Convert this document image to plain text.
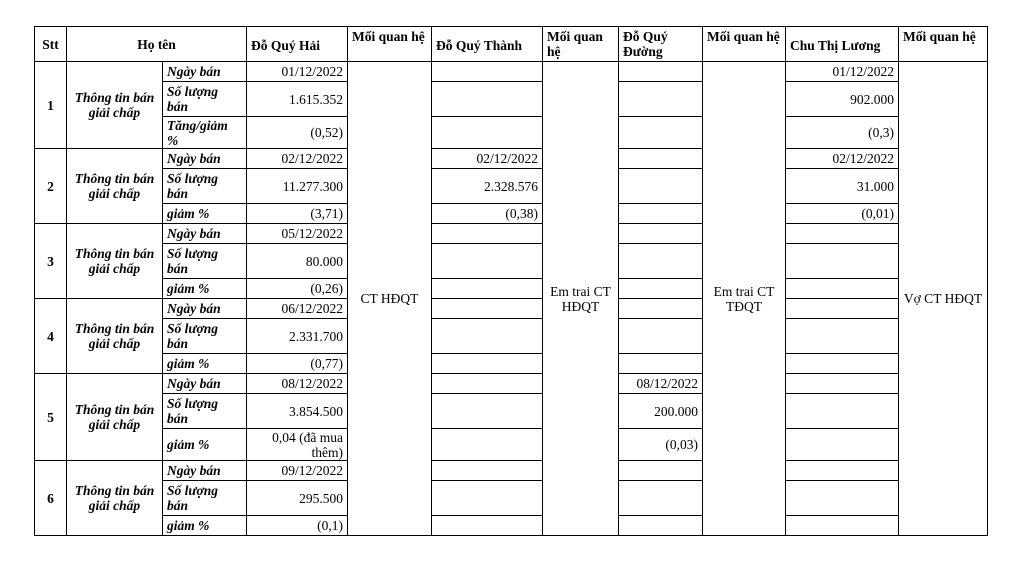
Stt	Họ tên		Đỗ Quý Hải	Mối quan hệ	Đỗ Quý Thành	Mối quan hệ	Đỗ Quý Đường	Mối quan hệ	Chu Thị Lương	Mối quan hệ
1	Thông tin bán giải chấp	Ngày bán	01/12/2022	CT HĐQT		Em trai CT HĐQT		Em trai CT TĐQT	01/12/2022	Vợ CT HĐQT
		Số lượng bán	1.615.352						902.000	
		Tăng/giảm %	(0,52)						(0,3)	
2	Thông tin bán giải chấp	Ngày bán	02/12/2022		02/12/2022				02/12/2022	
		Số lượng bán	11.277.300		2.328.576				31.000	
		giảm %	(3,71)		(0,38)				(0,01)	
3	Thông tin bán giải chấp	Ngày bán	05/12/2022							
		Số lượng bán	80.000							
		giảm %	(0,26)							
4	Thông tin bán giải chấp	Ngày bán	06/12/2022							
		Số lượng bán	2.331.700							
		giảm %	(0,77)							
5	Thông tin bán giải chấp	Ngày bán	08/12/2022				08/12/2022			
		Số lượng bán	3.854.500				200.000			
		giảm %	0,04 (đã mua thêm)				(0,03)			
6	Thông tin bán giải chấp	Ngày bán	09/12/2022							
		Số lượng bán	295.500							
		giảm %	(0,1)							
